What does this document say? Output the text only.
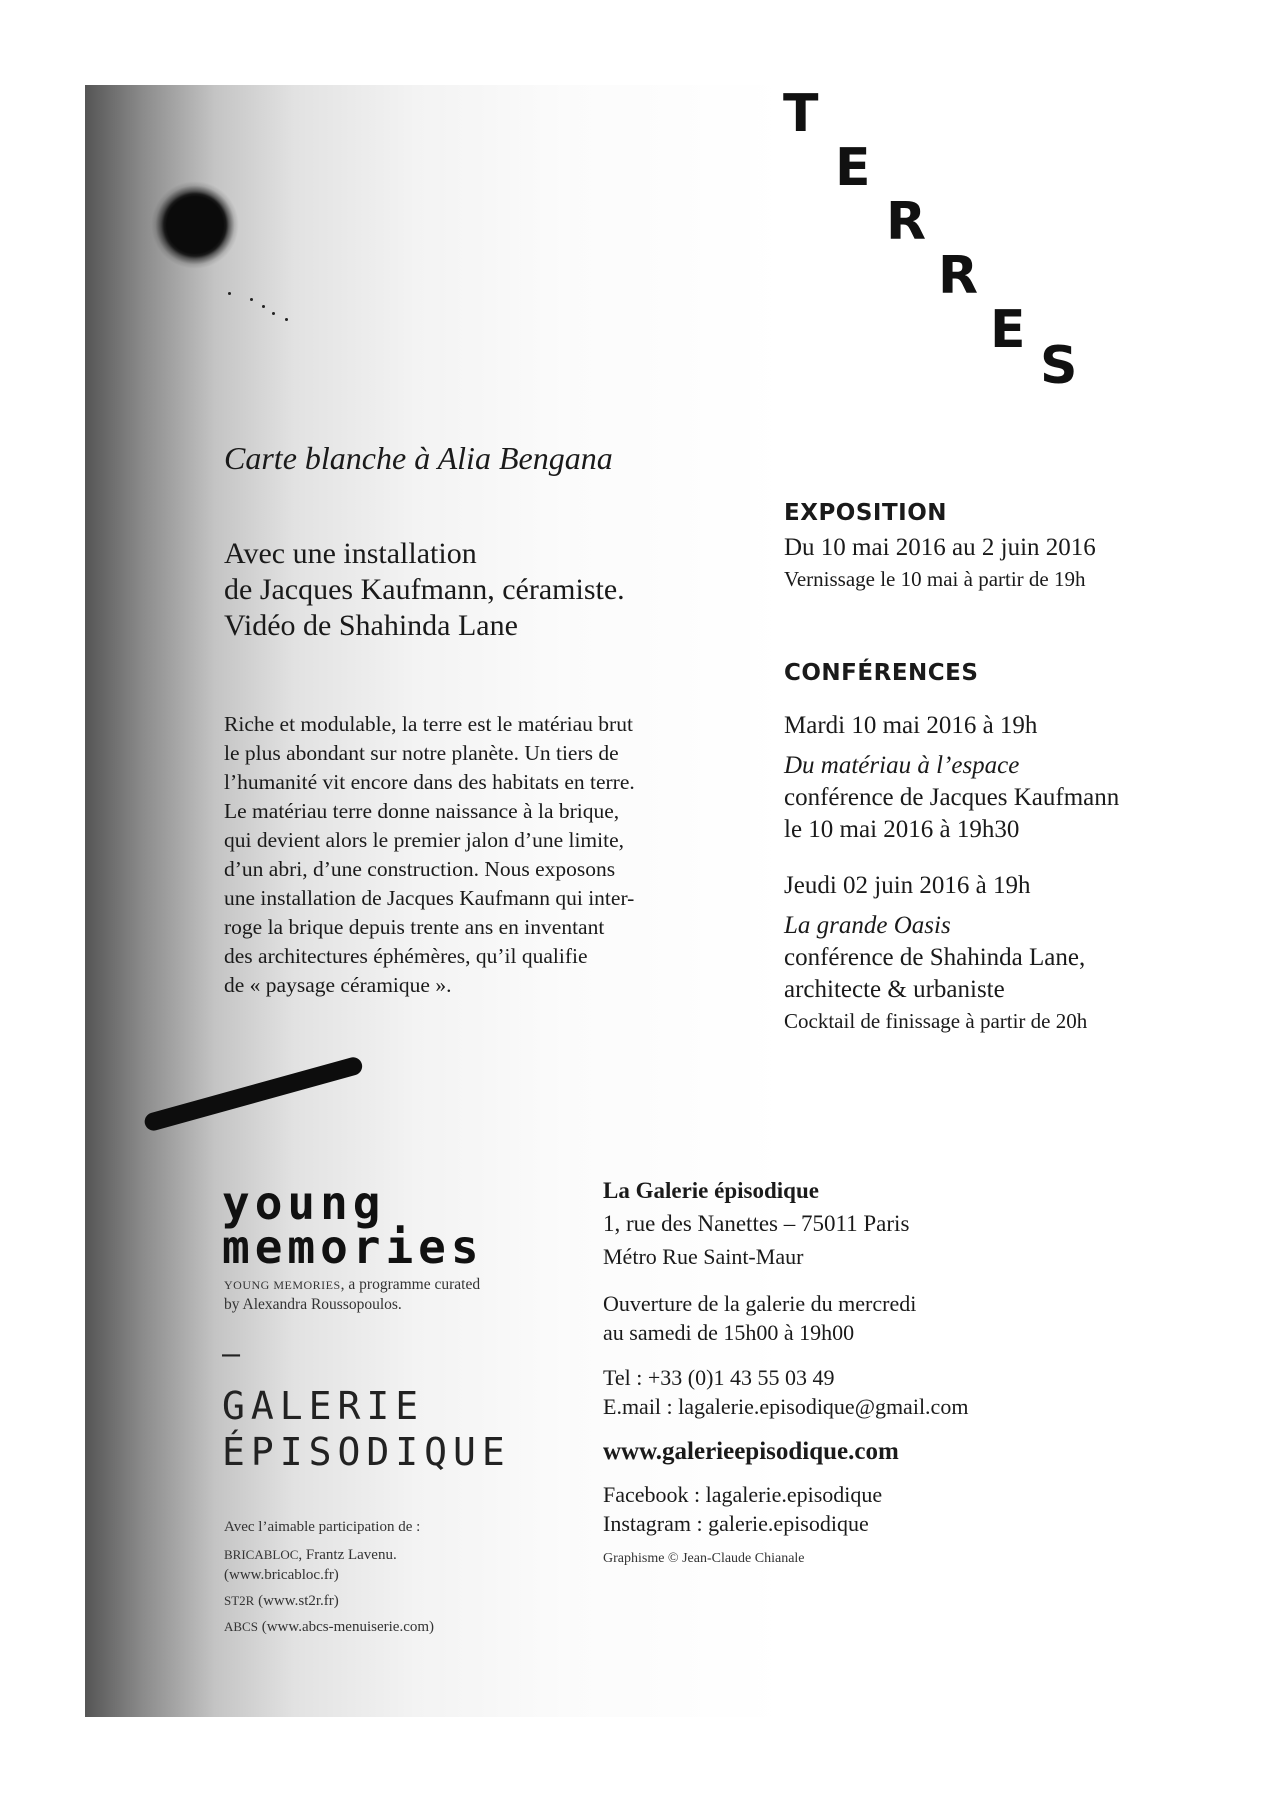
T
E
R
R
E
S
Carte blanche à Alia Bengana
Avec une installation
de Jacques Kaufmann, céramiste.
Vidéo de Shahinda Lane
Riche et modulable, la terre est le matériau brut
le plus abondant sur notre planète. Un tiers de
l’humanité vit encore dans des habitats en terre.
Le matériau terre donne naissance à la brique,
qui devient alors le premier jalon d’une limite,
d’un abri, d’une construction. Nous exposons
une installation de Jacques Kaufmann qui inter-
roge la brique depuis trente ans en inventant
des architectures éphémères, qu’il qualifie
de « paysage céramique ».
EXPOSITION
Du 10 mai 2016 au 2 juin 2016
Vernissage le 10 mai à partir de 19h
CONFÉRENCES
Mardi 10 mai 2016 à 19h
Du matériau à l’espace
conférence de Jacques Kaufmann
le 10 mai 2016 à 19h30
Jeudi 02 juin 2016 à 19h
La grande Oasis
conférence de Shahinda Lane,
architecte & urbaniste
Cocktail de finissage à partir de 20h
young
memories
YOUNG MEMORIES, a programme curated
by Alexandra Roussopoulos.
–
GALERIE
ÉPISODIQUE
Avec l’aimable participation de :
BRICABLOC, Frantz Lavenu.
(www.bricabloc.fr)
ST2R (www.st2r.fr)
ABCS (www.abcs-menuiserie.com)
La Galerie épisodique
1, rue des Nanettes – 75011 Paris
Métro Rue Saint-Maur
Ouverture de la galerie du mercredi
au samedi de 15h00 à 19h00
Tel : +33 (0)1 43 55 03 49
E.mail : lagalerie.episodique@gmail.com
www.galerieepisodique.com
Facebook : lagalerie.episodique
Instagram : galerie.episodique
Graphisme © Jean-Claude Chianale
